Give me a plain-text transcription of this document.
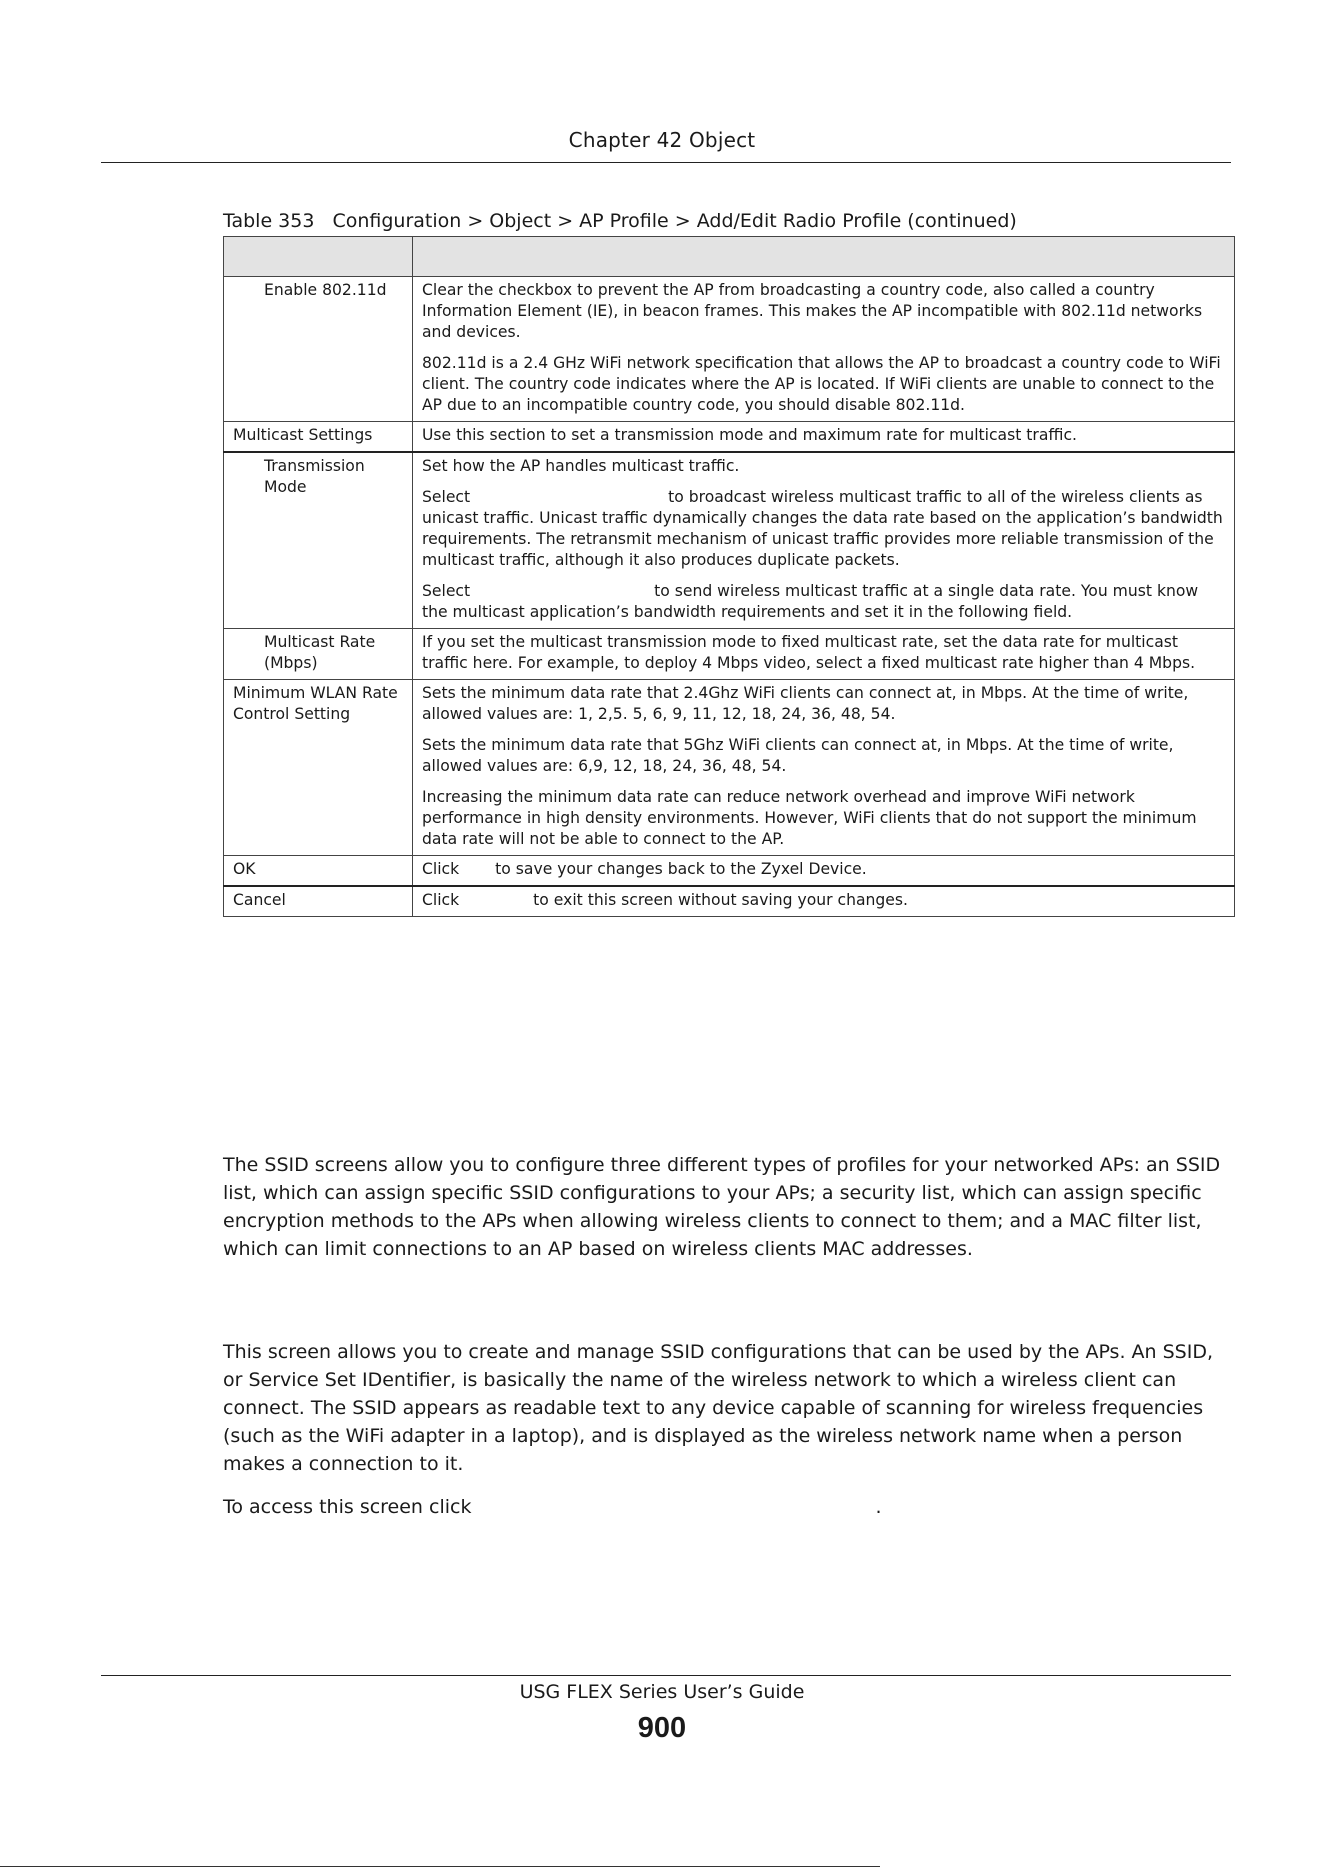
Chapter 42 Object
Table 353 Configuration > Object > AP Profile > Add/Edit Radio Profile (continued)

Enable 802.11d	Clear the checkbox to prevent the AP from broadcasting a country code, also called a country Information Element (IE), in beacon frames. This makes the AP incompatible with 802.11d networks and devices.

802.11d is a 2.4 GHz WiFi network specification that allows the AP to broadcast a country code to WiFi client. The country code indicates where the AP is located. If WiFi clients are unable to connect to the AP due to an incompatible country code, you should disable 802.11d.

Multicast Settings	Use this section to set a transmission mode and maximum rate for multicast traffic.

Transmission Mode	Set how the AP handles multicast traffic.

Select to broadcast wireless multicast traffic to all of the wireless clients as unicast traffic. Unicast traffic dynamically changes the data rate based on the application’s bandwidth requirements. The retransmit mechanism of unicast traffic provides more reliable transmission of the multicast traffic, although it also produces duplicate packets.

Select to send wireless multicast traffic at a single data rate. You must know the multicast application’s bandwidth requirements and set it in the following field.

Multicast Rate (Mbps)	If you set the multicast transmission mode to fixed multicast rate, set the data rate for multicast traffic here. For example, to deploy 4 Mbps video, select a fixed multicast rate higher than 4 Mbps.

Minimum WLAN Rate Control Setting	Sets the minimum data rate that 2.4Ghz WiFi clients can connect at, in Mbps. At the time of write, allowed values are: 1, 2,5. 5, 6, 9, 11, 12, 18, 24, 36, 48, 54.

Sets the minimum data rate that 5Ghz WiFi clients can connect at, in Mbps. At the time of write, allowed values are: 6,9, 12, 18, 24, 36, 48, 54.

Increasing the minimum data rate can reduce network overhead and improve WiFi network performance in high density environments. However, WiFi clients that do not support the minimum data rate will not be able to connect to the AP.

OK	Click to save your changes back to the Zyxel Device.
Cancel	Click to exit this screen without saving your changes.
The SSID screens allow you to configure three different types of profiles for your networked APs: an SSID list, which can assign specific SSID configurations to your APs; a security list, which can assign specific encryption methods to the APs when allowing wireless clients to connect to them; and a MAC filter list, which can limit connections to an AP based on wireless clients MAC addresses.
This screen allows you to create and manage SSID configurations that can be used by the APs. An SSID, or Service Set IDentifier, is basically the name of the wireless network to which a wireless client can connect. The SSID appears as readable text to any device capable of scanning for wireless frequencies (such as the WiFi adapter in a laptop), and is displayed as the wireless network name when a person makes a connection to it.
To access this screen click	.
USG FLEX Series User’s Guide
900
